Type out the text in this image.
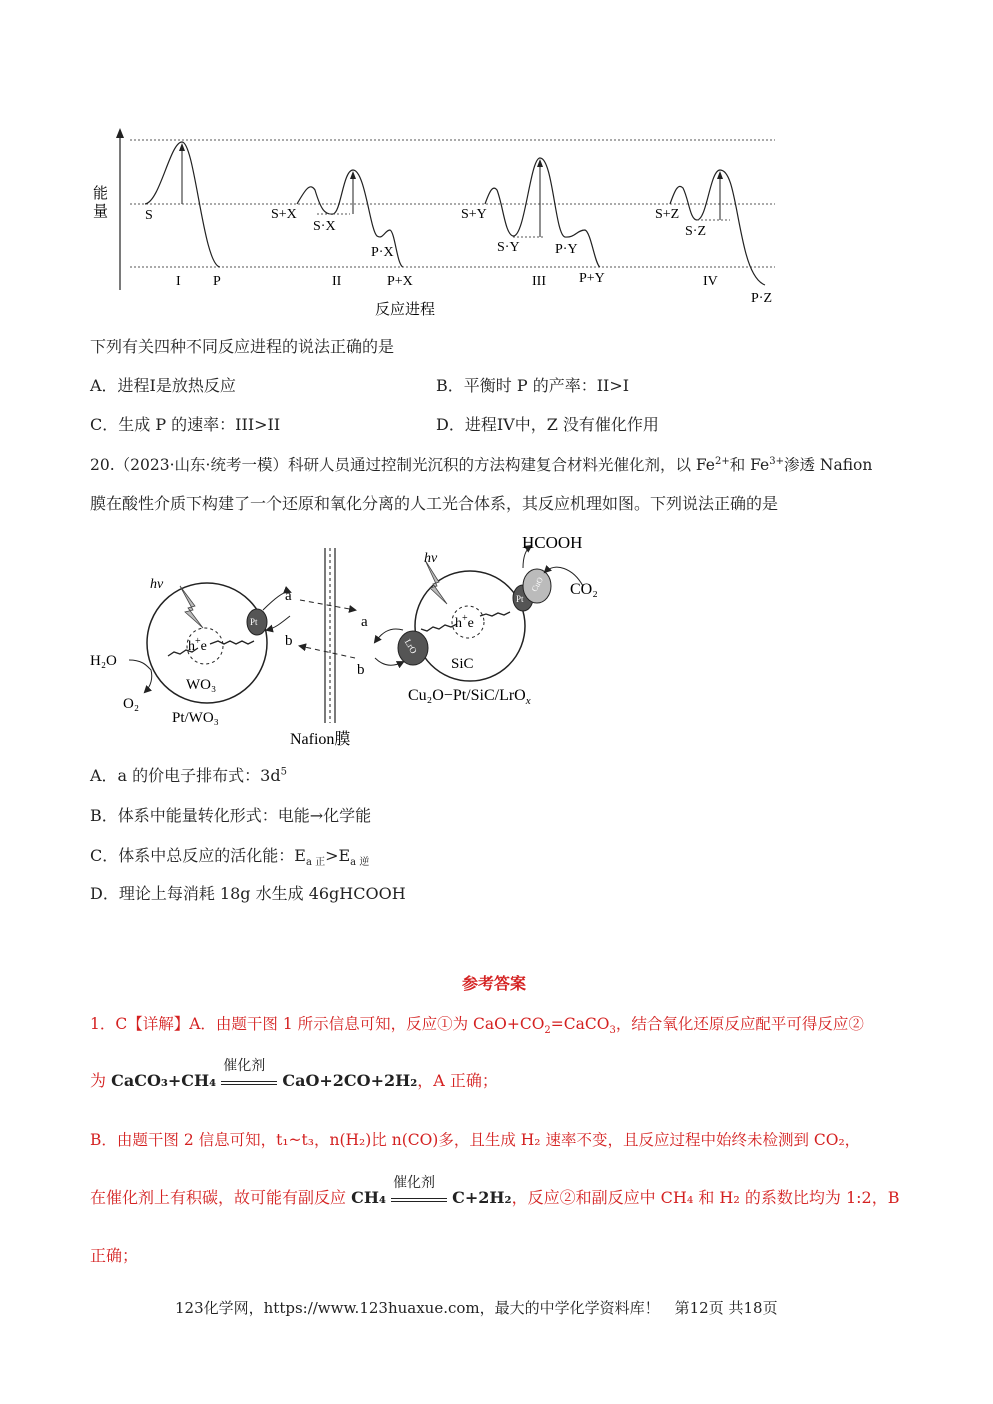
能
量	S
I P
S+X
S·X
P·X
II	P+X
S+Y
S·Y	P·Y
III P+Y
S+Z
S·Z
IV
P·Z
反应进程
下列有关四种不同反应进程的说法正确的是
A．进程I是放热反应	B．平衡时 P 的产率：II>I
C．生成 P 的速率：III>II	D．进程IV中，Z 没有催化作用
20.（2023·山东·统考一模）科研人员通过控制光沉积的方法构建复合材料光催化剂，以 $Fe^{2+}$和 $Fe^{3+}$渗透 Nafion
膜在酸性介质下构建了一个还原和氧化分离的人工光合体系，其反应机理如图。下列说法正确的是
Pt
a
b
hv
h+e
WO₃
Pt/WO₃
H₂O
O₂
Nafion膜
a
b
Pt
CuO
LrO
HCOOH
CO₂
hv
h+e
SiC
Cu₂O−Pt/SiC/LrO$_x$
A．a 的价电子排布式：$3d^5$
B．体系中能量转化形式：电能→化学能
C．体系中总反应的活化能：$E_{a 正}>E_{a 逆}$
D．理论上每消耗 18g 水生成 46gHCOOH
参考答案
1．C【详解】A．由题干图 1 所示信息可知，反应①为 $CaO+CO_2=CaCO_3$，结合氧化还原反应配平可得反应②
为 CaCO₃+CH₄
催化剂
CaO+2CO+2H₂，A 正确；
B．由题干图 2 信息可知，t₁~t₃，n(H₂)比 n(CO)多，且生成 H₂ 速率不变，且反应过程中始终未检测到 CO₂，
在催化剂上有积碳，故可能有副反应 CH₄
催化剂
C+2H₂，反应②和副反应中 CH₄ 和 H₂ 的系数比均为 1:2，B
正确；
123化学网，https://www.123huaxue.com，最大的中学化学资料库！　第12页 共18页
